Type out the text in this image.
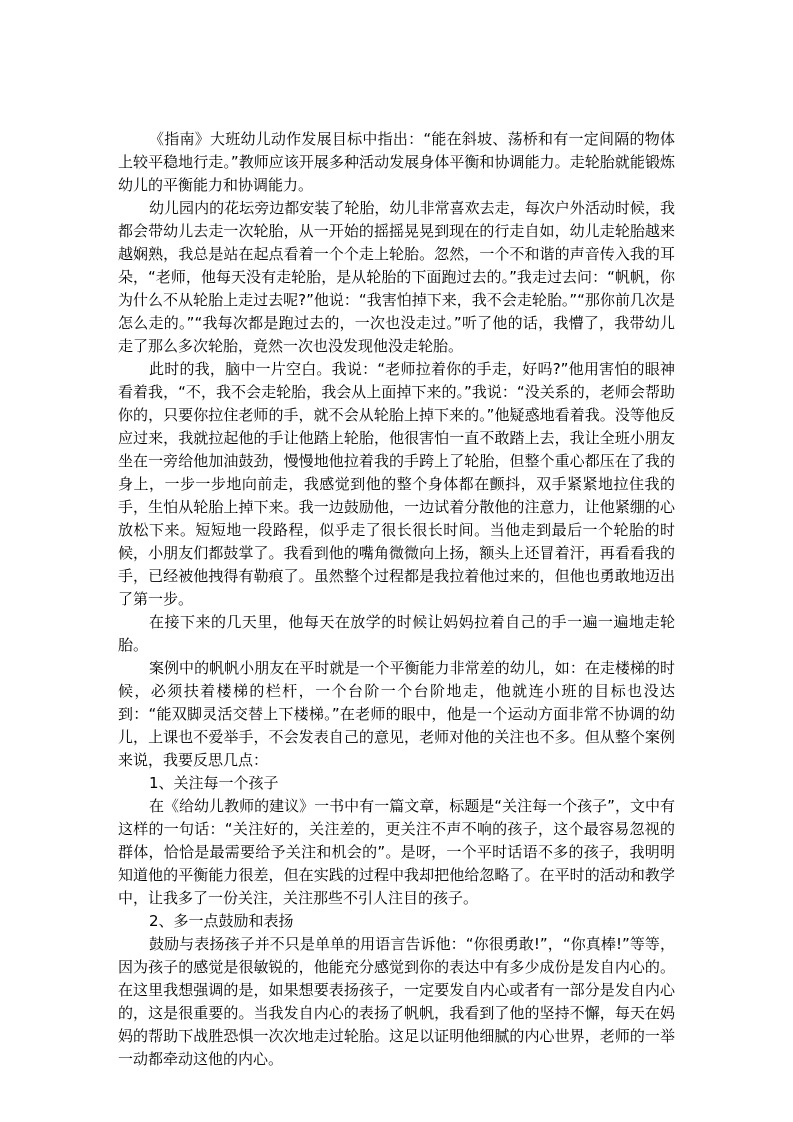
《指南》大班幼儿动作发展目标中指出：“能在斜坡、荡桥和有一定间隔的物体上较平稳地行走。”教师应该开展多种活动发展身体平衡和协调能力。走轮胎就能锻炼幼儿的平衡能力和协调能力。

幼儿园内的花坛旁边都安装了轮胎，幼儿非常喜欢去走，每次户外活动时候，我都会带幼儿去走一次轮胎，从一开始的摇摇晃晃到现在的行走自如，幼儿走轮胎越来越娴熟，我总是站在起点看着一个个走上轮胎。忽然，一个不和谐的声音传入我的耳朵，“老师，他每天没有走轮胎，是从轮胎的下面跑过去的。”我走过去问：“帆帆，你为什么不从轮胎上走过去呢?”他说：“我害怕掉下来，我不会走轮胎。”“那你前几次是怎么走的。”“我每次都是跑过去的，一次也没走过。”听了他的话，我懵了，我带幼儿走了那么多次轮胎，竟然一次也没发现他没走轮胎。

此时的我，脑中一片空白。我说：“老师拉着你的手走，好吗?”他用害怕的眼神看着我，“不，我不会走轮胎，我会从上面掉下来的。”我说：“没关系的，老师会帮助你的，只要你拉住老师的手，就不会从轮胎上掉下来的。”他疑惑地看着我。没等他反应过来，我就拉起他的手让他踏上轮胎，他很害怕一直不敢踏上去，我让全班小朋友坐在一旁给他加油鼓劲，慢慢地他拉着我的手跨上了轮胎，但整个重心都压在了我的身上，一步一步地向前走，我感觉到他的整个身体都在颤抖，双手紧紧地拉住我的手，生怕从轮胎上掉下来。我一边鼓励他，一边试着分散他的注意力，让他紧绷的心放松下来。短短地一段路程，似乎走了很长很长时间。当他走到最后一个轮胎的时候，小朋友们都鼓掌了。我看到他的嘴角微微向上扬，额头上还冒着汗，再看看我的手，已经被他拽得有勒痕了。虽然整个过程都是我拉着他过来的，但他也勇敢地迈出了第一步。

在接下来的几天里，他每天在放学的时候让妈妈拉着自己的手一遍一遍地走轮胎。

案例中的帆帆小朋友在平时就是一个平衡能力非常差的幼儿，如：在走楼梯的时候，必须扶着楼梯的栏杆，一个台阶一个台阶地走，他就连小班的目标也没达到：“能双脚灵活交替上下楼梯。”在老师的眼中，他是一个运动方面非常不协调的幼儿，上课也不爱举手，不会发表自己的意见，老师对他的关注也不多。但从整个案例来说，我要反思几点：

1、关注每一个孩子

在《给幼儿教师的建议》一书中有一篇文章，标题是“关注每一个孩子”，文中有这样的一句话：“关注好的，关注差的，更关注不声不响的孩子，这个最容易忽视的群体，恰恰是最需要给予关注和机会的”。是呀，一个平时话语不多的孩子，我明明知道他的平衡能力很差，但在实践的过程中我却把他给忽略了。在平时的活动和教学中，让我多了一份关注，关注那些不引人注目的孩子。

2、多一点鼓励和表扬

鼓励与表扬孩子并不只是单单的用语言告诉他：“你很勇敢!”，“你真棒!”等等，因为孩子的感觉是很敏锐的，他能充分感觉到你的表达中有多少成份是发自内心的。在这里我想强调的是，如果想要表扬孩子，一定要发自内心或者有一部分是发自内心的，这是很重要的。当我发自内心的表扬了帆帆，我看到了他的坚持不懈，每天在妈妈的帮助下战胜恐惧一次次地走过轮胎。这足以证明他细腻的内心世界，老师的一举一动都牵动这他的内心。
